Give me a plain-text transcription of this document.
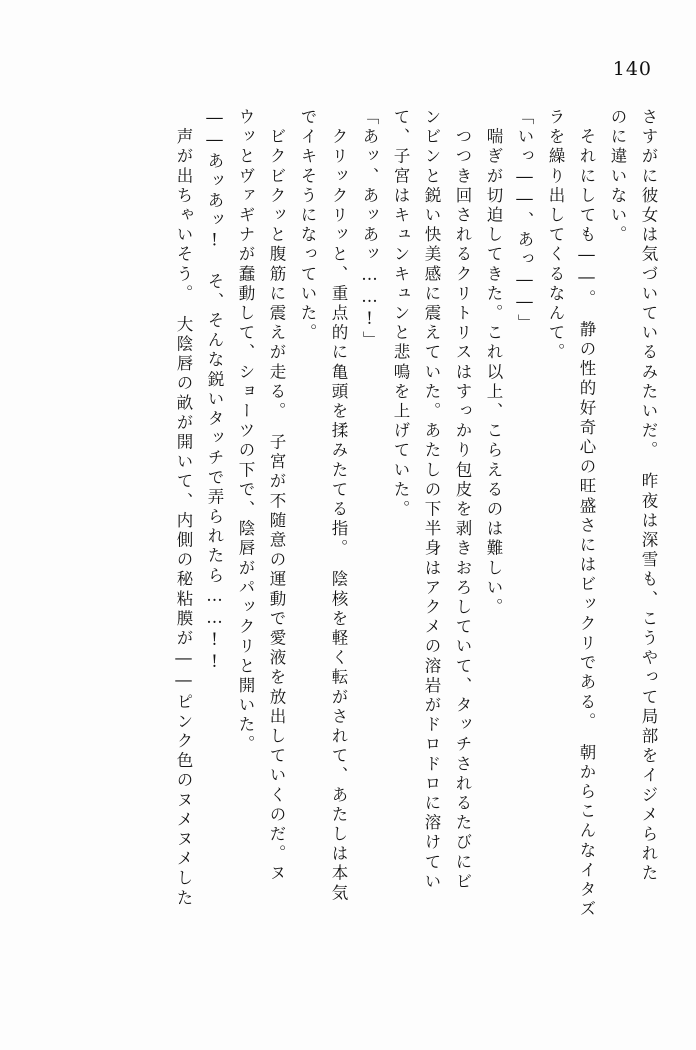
140
さすがに彼女は気づいているみたいだ。　昨夜は深雪も、こうやって局部をイジメられた
のに違いない。
　それにしても――。　静の性的好奇心の旺盛さにはビックリである。　朝からこんなイタズ
ラを繰り出してくるなんて。
「いっ――、あっ――」
　喘ぎが切迫してきた。これ以上、こらえるのは難しい。
　つつき回されるクリトリスはすっかり包皮を剥きおろしていて、タッチされるたびにビ
ンビンと鋭い快美感に震えていた。あたしの下半身はアクメの溶岩がドロドロに溶けてい
て、子宮はキュンキュンと悲鳴を上げていた。
「あッ、あッあッ……!」
　クリックリッと、重点的に亀頭を揉みたてる指。　陰核を軽く転がされて、あたしは本気
でイキそうになっていた。
　ビクビクッと腹筋に震えが走る。　子宮が不随意の運動で愛液を放出していくのだ。ヌ
ウッとヴァギナが蠢動して、ショーツの下で、陰唇がパックリと開いた。
――あッあッ!　そ、そんな鋭いタッチで弄られたら……!!
　声が出ちゃいそう。　大陰唇の畝が開いて、内側の秘粘膜が――ピンク色のヌメヌメした
